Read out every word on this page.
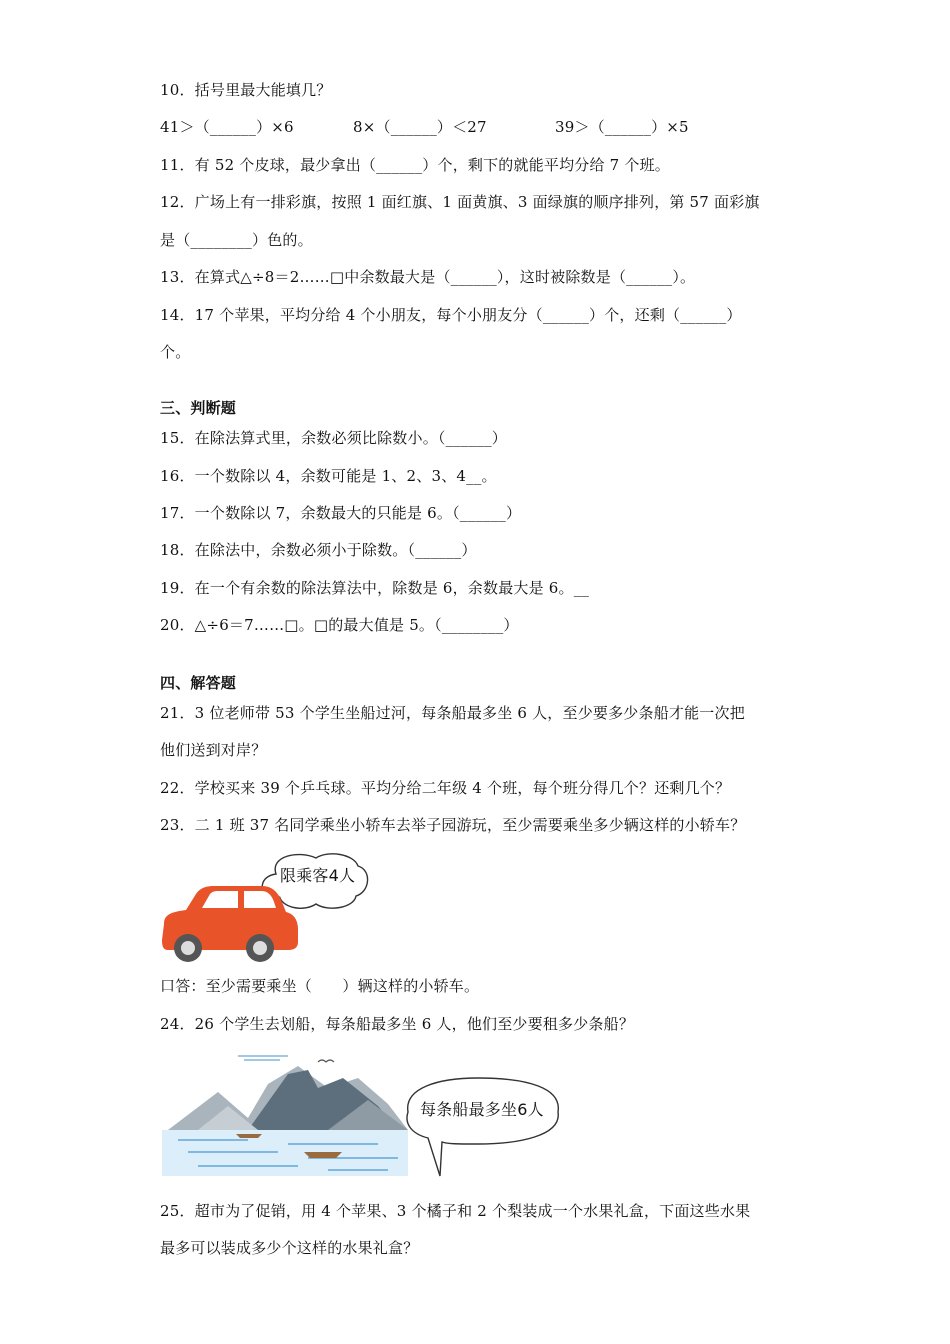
10．括号里最大能填几？
41＞（______）×6	8×（______）＜27	39＞（______）×5
11．有 52 个皮球，最少拿出（______）个，剩下的就能平均分给 7 个班。
12．广场上有一排彩旗，按照 1 面红旗、1 面黄旗、3 面绿旗的顺序排列，第 57 面彩旗
是（________）色的。
13．在算式△÷8＝2……□中余数最大是（______），这时被除数是（______）。
14．17 个苹果，平均分给 4 个小朋友，每个小朋友分（______）个，还剩（______）
个。
三、判断题
15．在除法算式里，余数必须比除数小。（______）
16．一个数除以 4，余数可能是 1、2、3、4__。
17．一个数除以 7，余数最大的只能是 6。（______）
18．在除法中，余数必须小于除数。（______）
19．在一个有余数的除法算法中，除数是 6，余数最大是 6。__
20．△÷6＝7……□。□的最大值是 5。（________）
四、解答题
21．3 位老师带 53 个学生坐船过河，每条船最多坐 6 人，至少要多少条船才能一次把
他们送到对岸？
22．学校买来 39 个乒乓球。平均分给二年级 4 个班，每个班分得几个？还剩几个？
23．二 1 班 37 名同学乘坐小轿车去举子园游玩，至少需要乘坐多少辆这样的小轿车？
限乘客4人
口答：至少需要乘坐（　　）辆这样的小轿车。
24．26 个学生去划船，每条船最多坐 6 人，他们至少要租多少条船？
每条船最多坐6人
25．超市为了促销，用 4 个苹果、3 个橘子和 2 个梨装成一个水果礼盒，下面这些水果
最多可以装成多少个这样的水果礼盒？
